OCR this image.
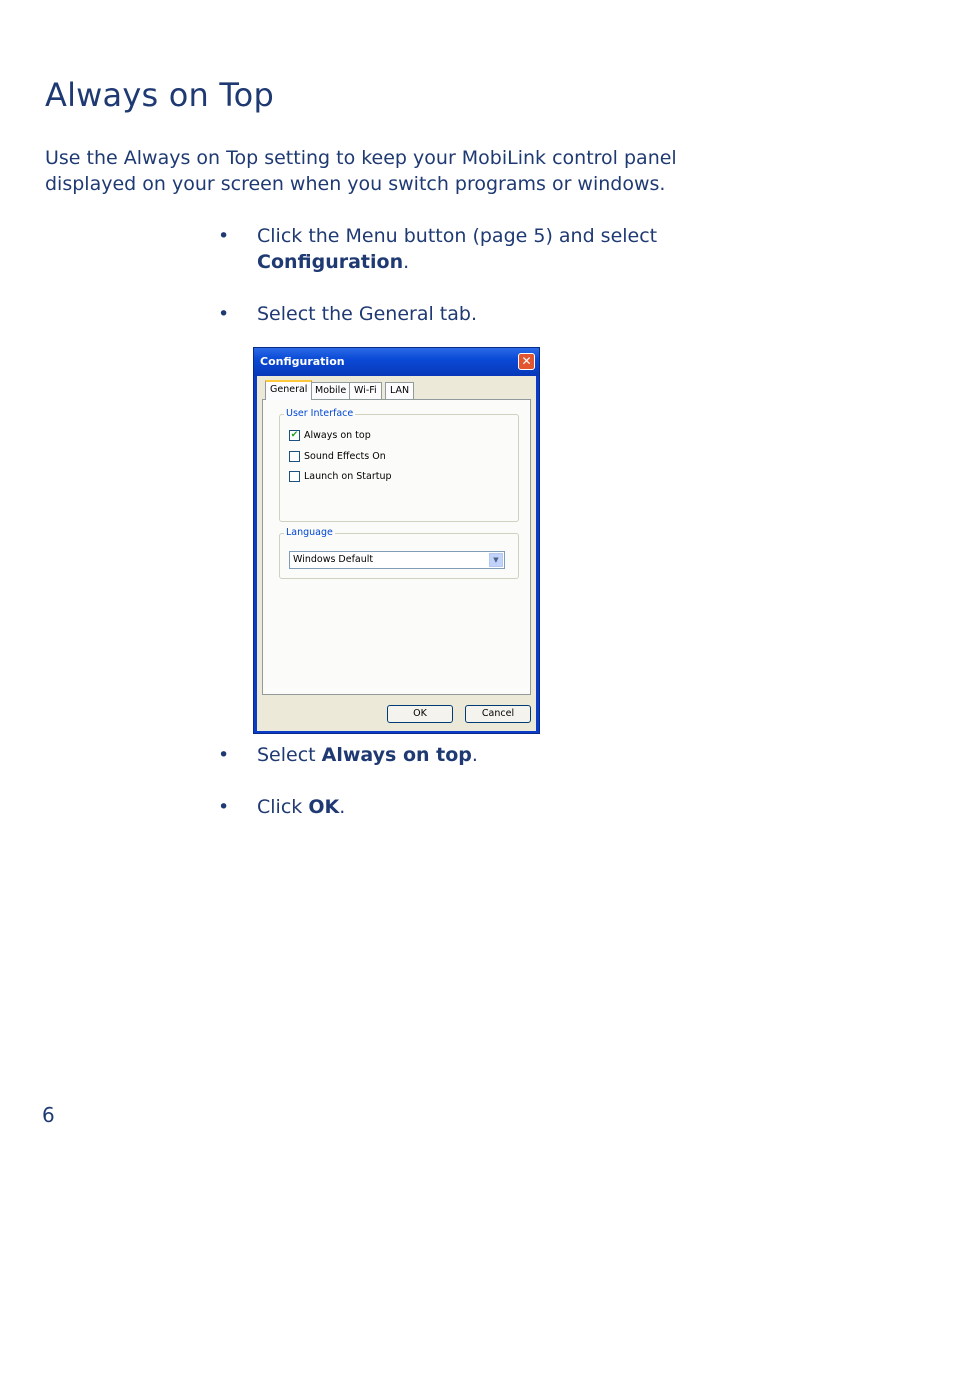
Always on Top

Use the Always on Top setting to keep your MobiLink control panel displayed on your screen when you switch programs or windows.

•	Click the Menu button (page 5) and select
Configuration.
•	Select the General tab.
Configuration	✕
General Mobile Wi-Fi	LAN
User Interface
✔ Always on top
Sound Effects On
Launch on Startup
Language
Windows Default	▼
OK	Cancel
•	Select Always on top.
•	Click OK.
6
